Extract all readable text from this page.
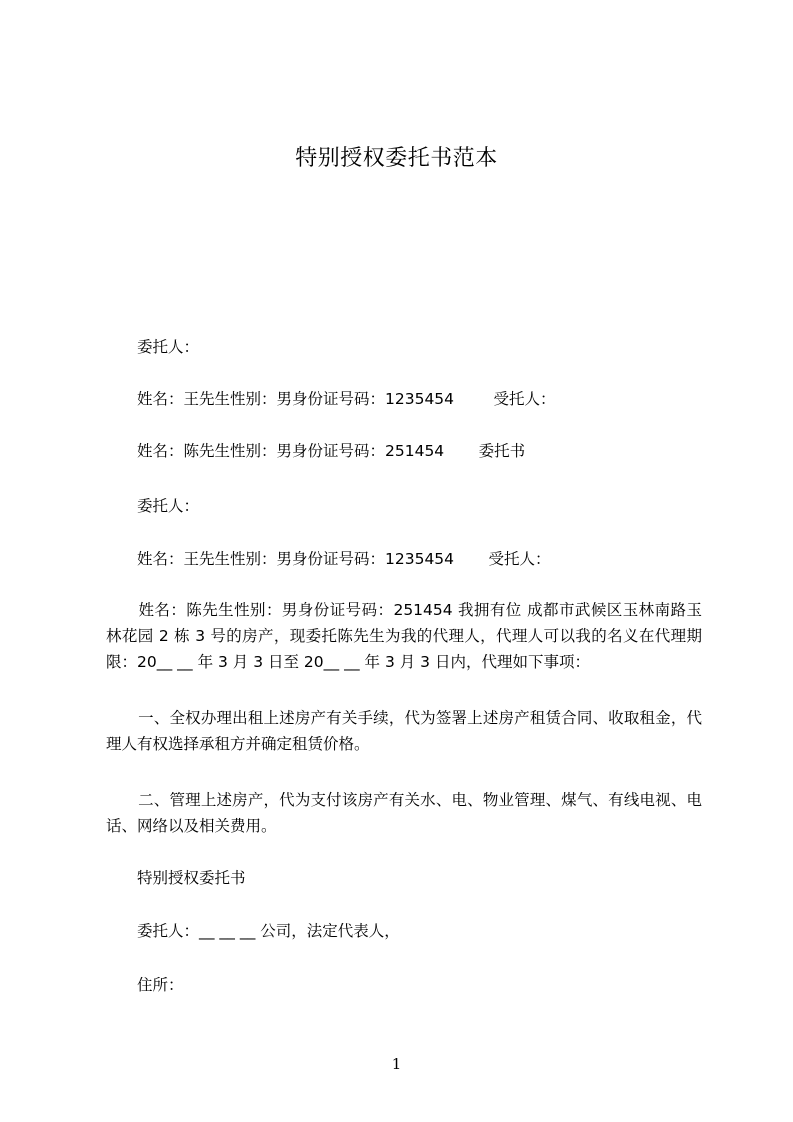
特别授权委托书范本
委托人：
姓名：王先生性别：男身份证号码：1235454        受托人：
姓名：陈先生性别：男身份证号码：251454       委托书
委托人：
姓名：王先生性别：男身份证号码：1235454       受托人：
姓名：陈先生性别：男身份证号码：251454 我拥有位 成都市武候区玉林南路玉林花园 2 栋 3 号的房产，现委托陈先生为我的代理人，代理人可以我的名义在代理期限：20__ __ 年 3 月 3 日至 20__ __ 年 3 月 3 日内，代理如下事项：
一、全权办理出租上述房产有关手续，代为签署上述房产租赁合同、收取租金，代理人有权选择承租方并确定租赁价格。
二、管理上述房产，代为支付该房产有关水、电、物业管理、煤气、有线电视、电话、网络以及相关费用。
特别授权委托书
委托人：__ __ __ 公司，法定代表人，
住所：
1
